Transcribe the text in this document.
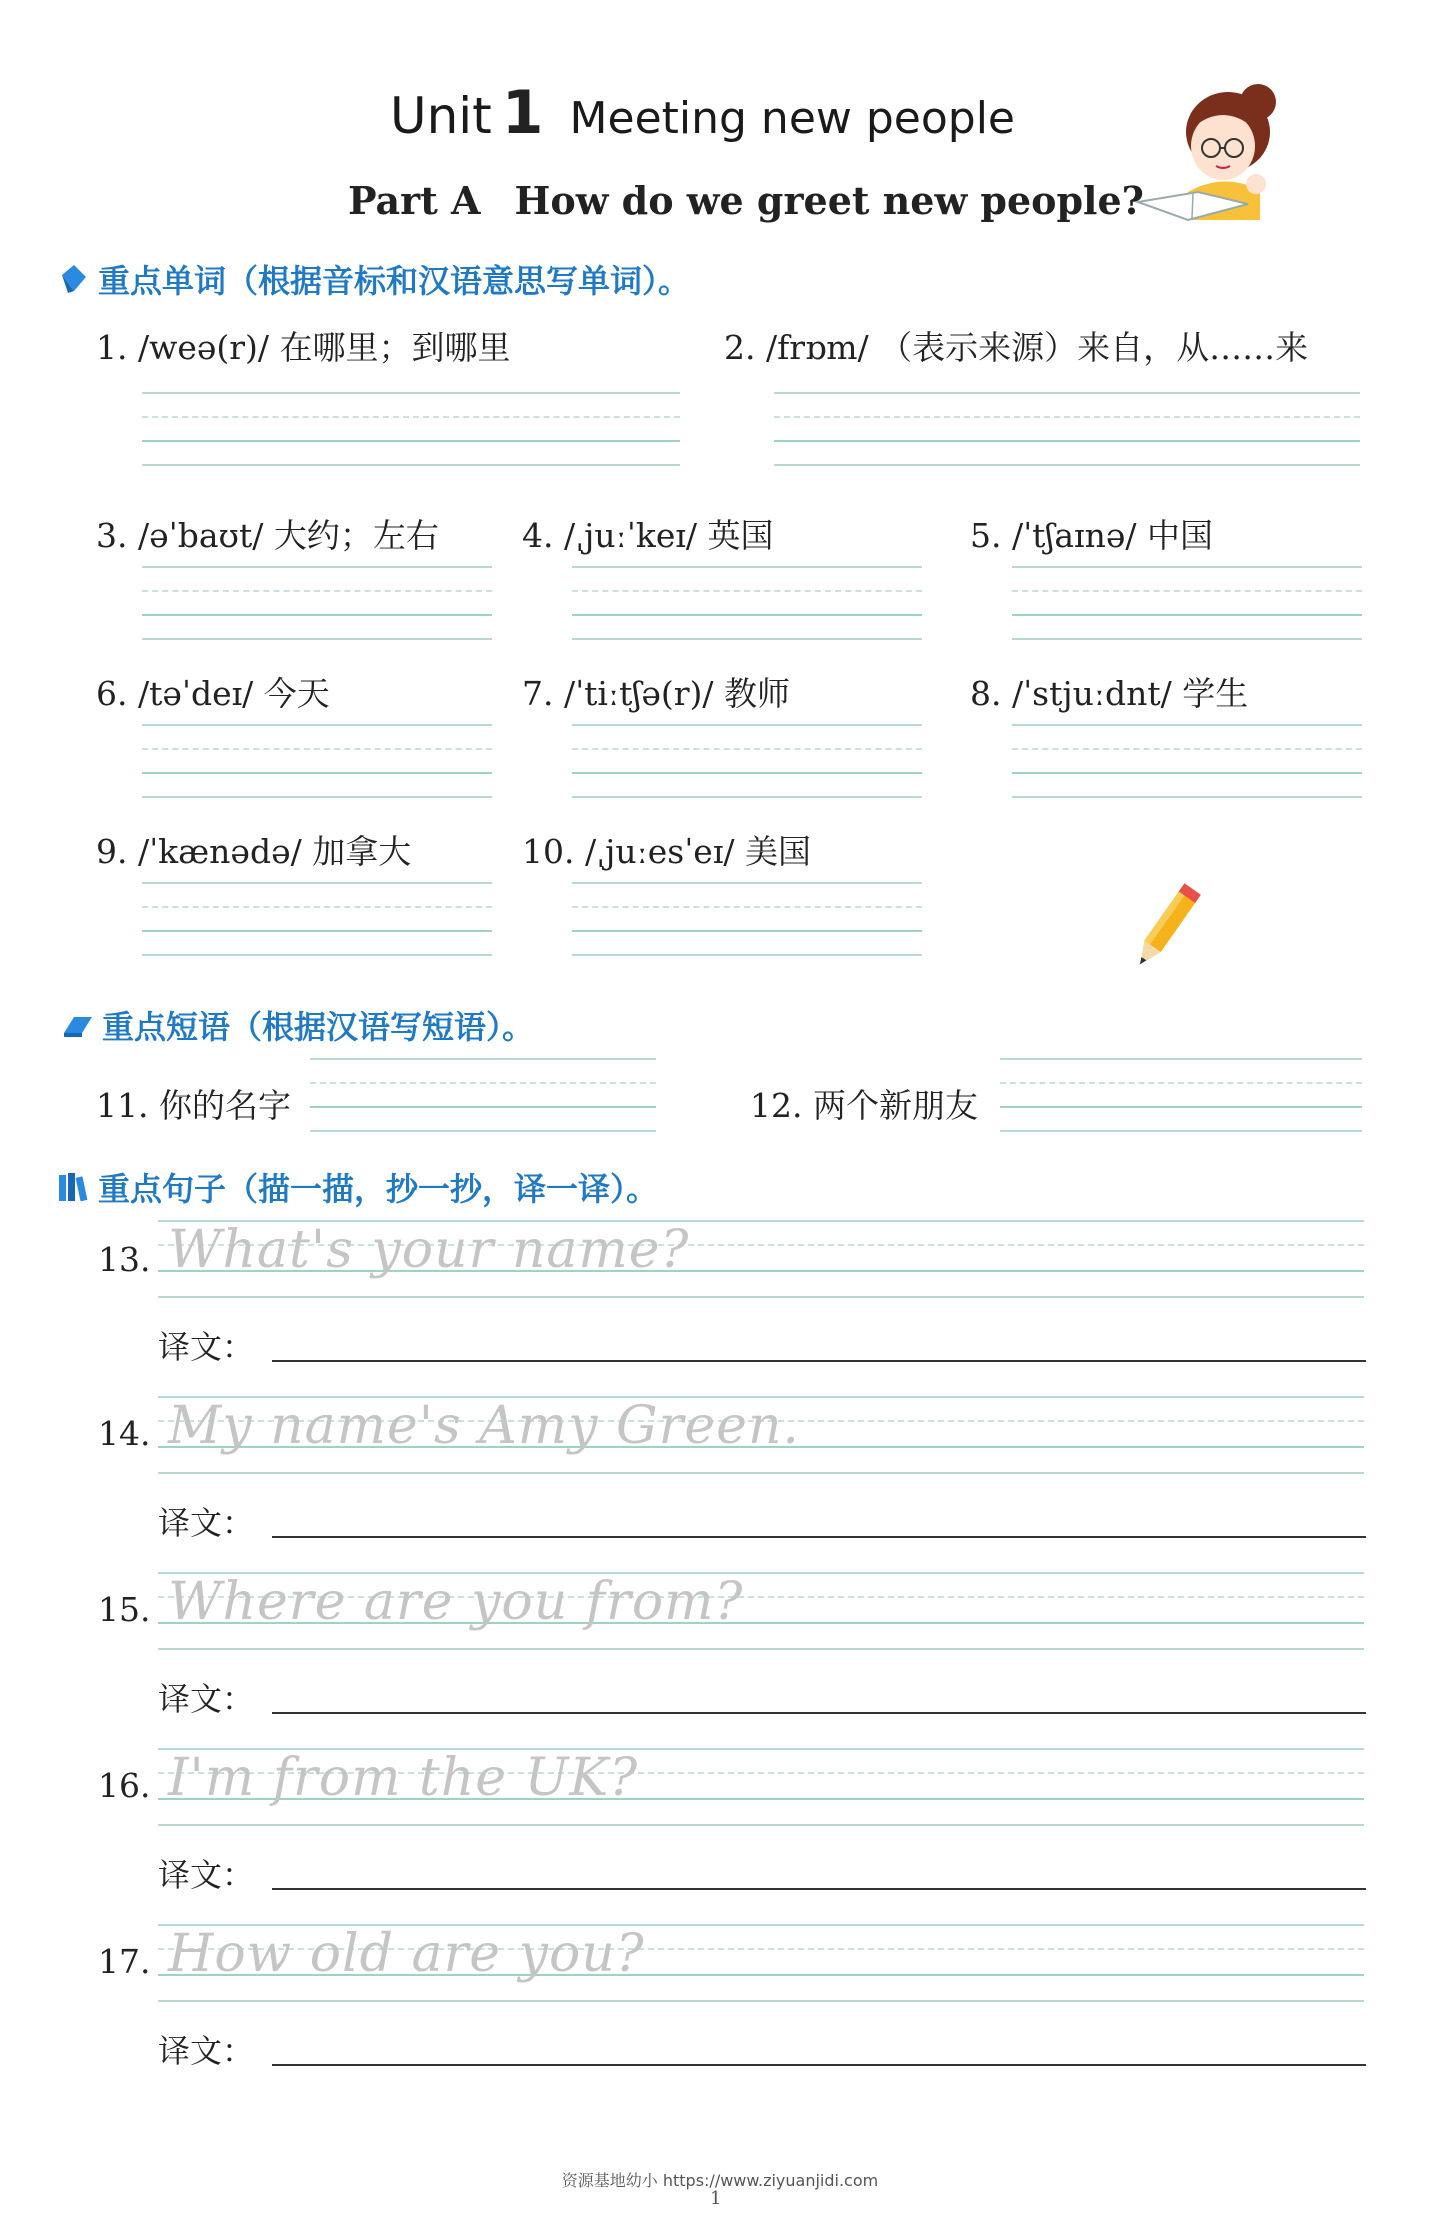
Unit 1 Meeting new people
Part A How do we greet new people?
重点单词（根据音标和汉语意思写单词）。
1. /weə(r)/ 在哪里；到哪里	2. /frɒm/ （表示来源）来自，从……来
3. /əˈbaʊt/ 大约；左右	4. /ˌjuːˈkeɪ/ 英国	5. /ˈtʃaɪnə/ 中国
6. /təˈdeɪ/ 今天	7. /ˈtiːtʃə(r)/ 教师	8. /ˈstjuːdnt/ 学生
9. /ˈkænədə/ 加拿大	10. /ˌjuːesˈeɪ/ 美国
重点短语（根据汉语写短语）。
11. 你的名字	12. 两个新朋友
重点句子（描一描，抄一抄，译一译）。
13. What's your name?
译文：
14. My name's Amy Green.
译文：
15. Where are you from?
译文：
16. I'm from the UK?
译文：
17. How old are you?
译文：
资源基地幼小 https://www.ziyuanjidi.com
1
